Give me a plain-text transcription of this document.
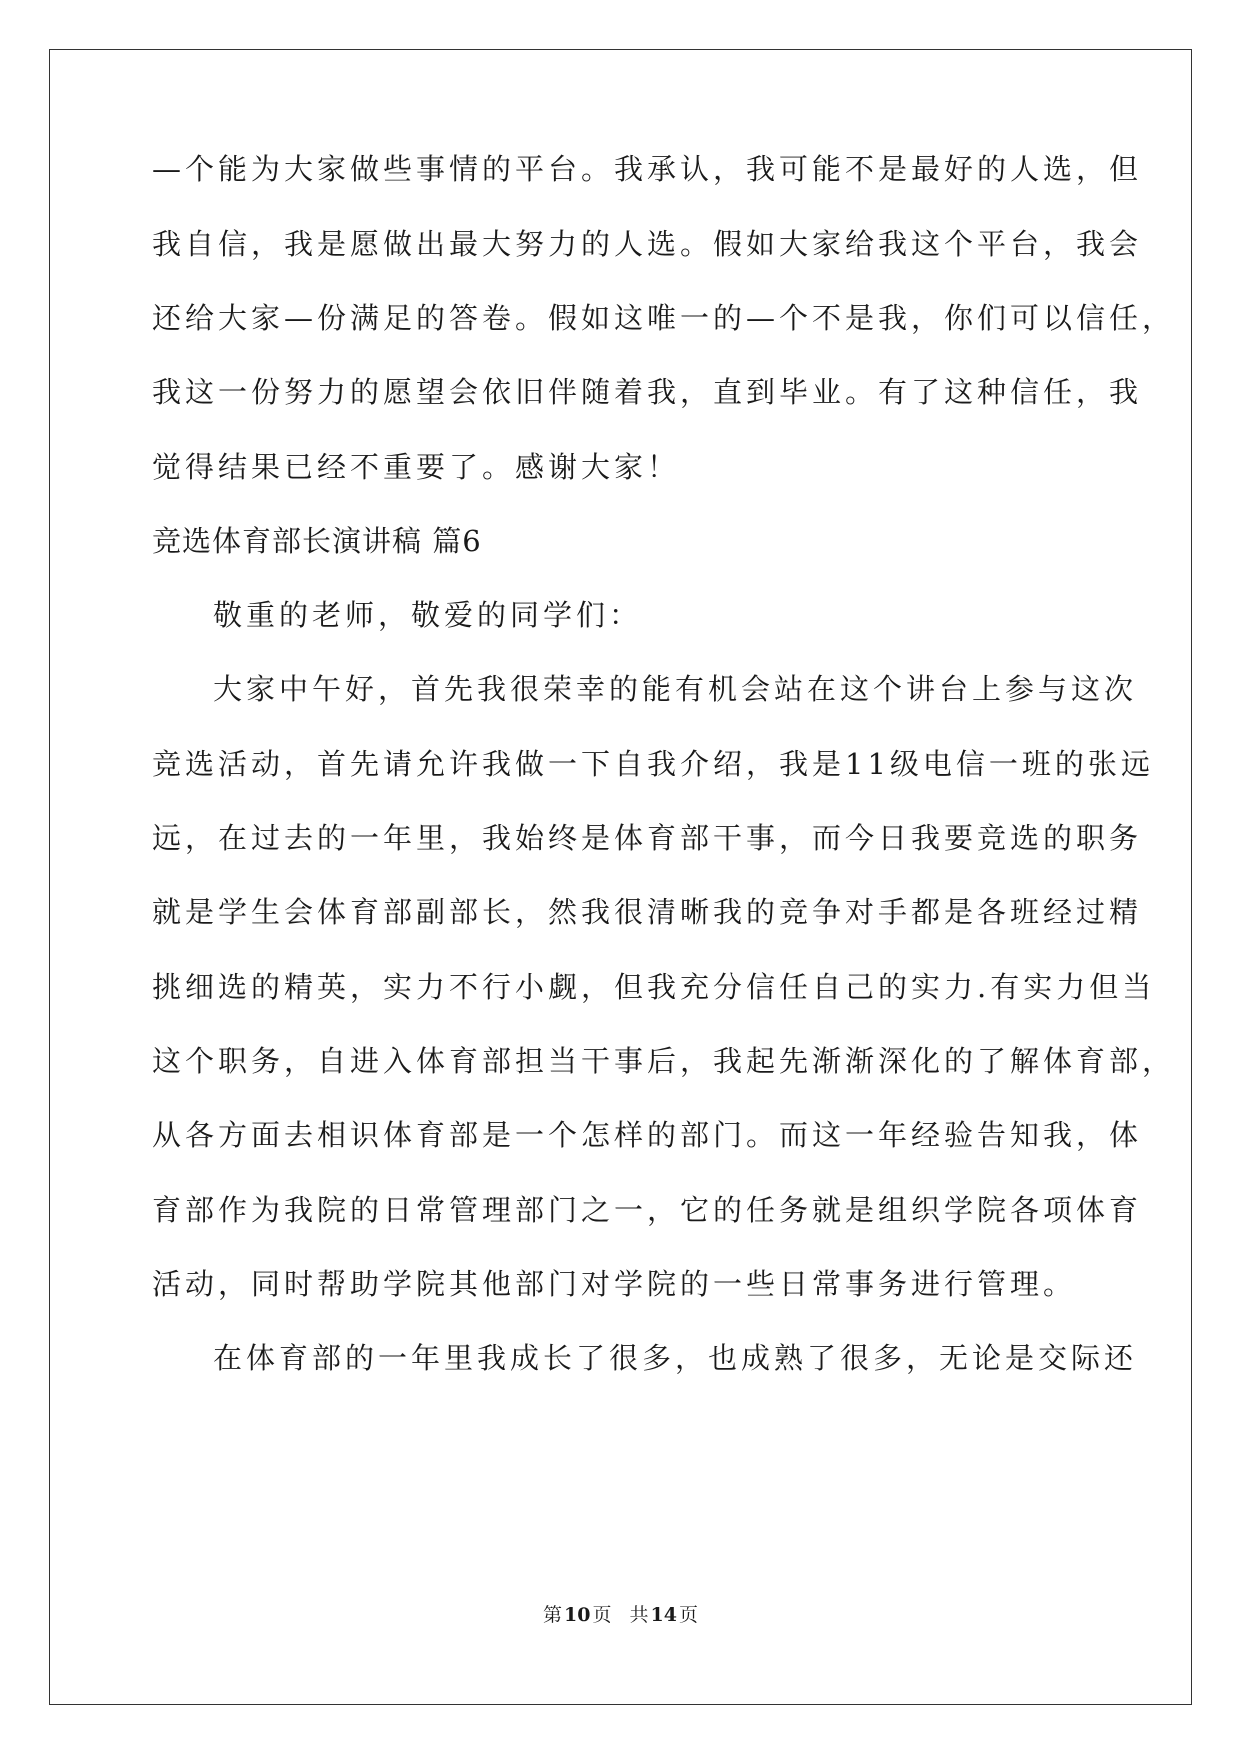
—个能为大家做些事情的平台。我承认，我可能不是最好的人选，但
我自信，我是愿做出最大努力的人选。假如大家给我这个平台，我会
还给大家—份满足的答卷。假如这唯一的—个不是我，你们可以信任，
我这一份努力的愿望会依旧伴随着我，直到毕业。有了这种信任，我
觉得结果已经不重要了。感谢大家！
竞选体育部长演讲稿 篇6
敬重的老师，敬爱的同学们：
大家中午好，首先我很荣幸的能有机会站在这个讲台上参与这次
竞选活动，首先请允许我做一下自我介绍，我是11级电信一班的张远
远，在过去的一年里，我始终是体育部干事，而今日我要竞选的职务
就是学生会体育部副部长，然我很清晰我的竞争对手都是各班经过精
挑细选的精英，实力不行小觑，但我充分信任自己的实力.有实力但当
这个职务，自进入体育部担当干事后，我起先渐渐深化的了解体育部，
从各方面去相识体育部是一个怎样的部门。而这一年经验告知我，体
育部作为我院的日常管理部门之一，它的任务就是组织学院各项体育
活动，同时帮助学院其他部门对学院的一些日常事务进行管理。
在体育部的一年里我成长了很多，也成熟了很多，无论是交际还
第 10 页 共 14 页
